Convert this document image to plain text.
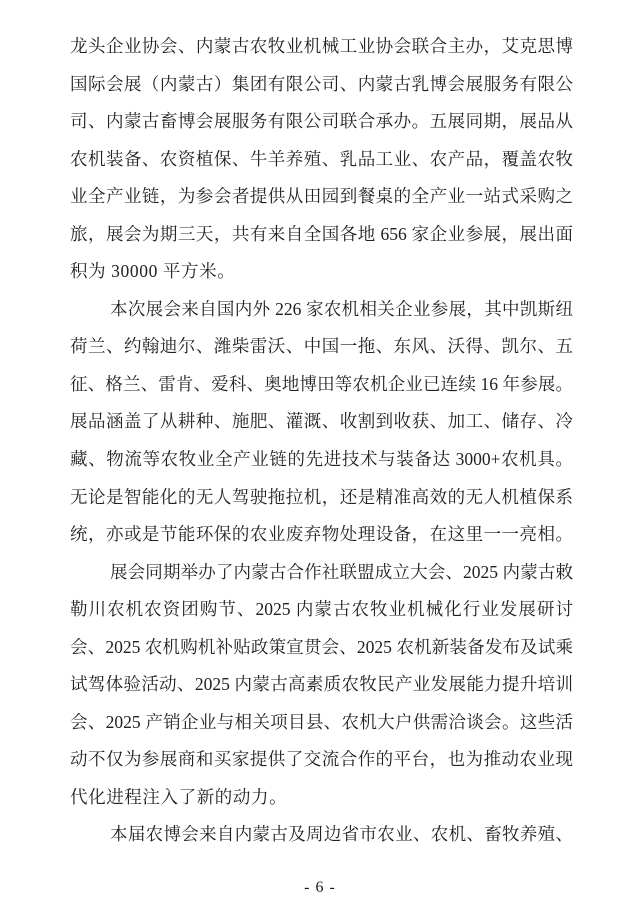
龙头企业协会、内蒙古农牧业机械工业协会联合主办，艾克思博
国际会展（内蒙古）集团有限公司、内蒙古乳博会展服务有限公
司、内蒙古畜博会展服务有限公司联合承办。五展同期，展品从
农机装备、农资植保、牛羊养殖、乳品工业、农产品，覆盖农牧
业全产业链，为参会者提供从田园到餐桌的全产业一站式采购之
旅，展会为期三天，共有来自全国各地 656 家企业参展，展出面
积为 30000 平方米。
本次展会来自国内外 226 家农机相关企业参展，其中凯斯纽
荷兰、约翰迪尔、潍柴雷沃、中国一拖、东风、沃得、凯尔、五
征、格兰、雷肯、爱科、奥地博田等农机企业已连续 16 年参展。
展品涵盖了从耕种、施肥、灌溉、收割到收获、加工、储存、冷
藏、物流等农牧业全产业链的先进技术与装备达 3000+农机具。
无论是智能化的无人驾驶拖拉机，还是精准高效的无人机植保系
统，亦或是节能环保的农业废弃物处理设备，在这里一一亮相。
展会同期举办了内蒙古合作社联盟成立大会、2025 内蒙古敕
勒川农机农资团购节、2025 内蒙古农牧业机械化行业发展研讨
会、2025 农机购机补贴政策宣贯会、2025 农机新装备发布及试乘
试驾体验活动、2025 内蒙古高素质农牧民产业发展能力提升培训
会、2025 产销企业与相关项目县、农机大户供需洽谈会。这些活
动不仅为参展商和买家提供了交流合作的平台，也为推动农业现
代化进程注入了新的动力。
本届农博会来自内蒙古及周边省市农业、农机、畜牧养殖、
- 6 -
